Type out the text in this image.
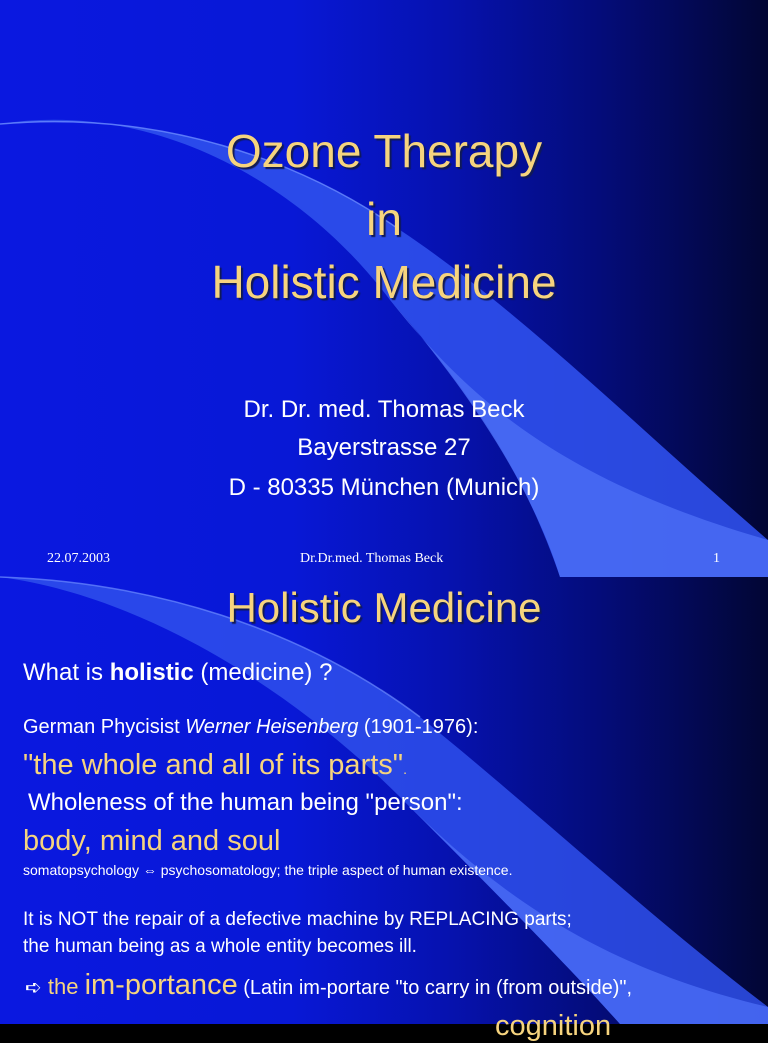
Ozone Therapy

in

Holistic Medicine

Dr. Dr. med. Thomas Beck

Bayerstrasse 27

D - 80335 München (Munich)

22.07.2003	Dr.Dr.med. Thomas Beck	1

Holistic Medicine

What is holistic (medicine) ?

German Phycisist Werner Heisenberg (1901-1976):

"the whole and all of its parts".

Wholeness of the human being "person":

body, mind and soul

somatopsychology ⇔ psychosomatology; the triple aspect of human existence.

It is NOT the repair of a defective machine by REPLACING parts;

the human being as a whole entity becomes ill.

➪ the im-portance (Latin im-portare "to carry in (from outside)",

cognition
